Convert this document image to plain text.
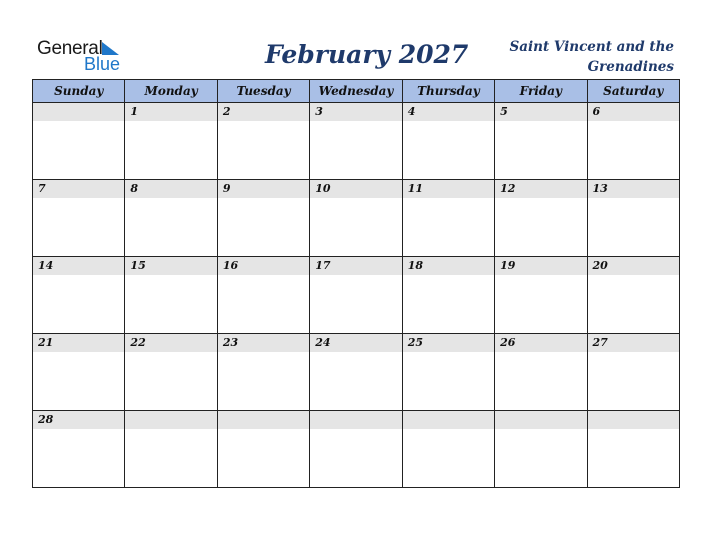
General
Blue	February 2027	Saint Vincent and the Grenadines
Sunday	Monday	Tuesday	Wednesday	Thursday	Friday	Saturday

	1	2	3	4	5	6

7	8	9	10	11	12	13

14	15	16	17	18	19	20

21	22	23	24	25	26	27

28						
